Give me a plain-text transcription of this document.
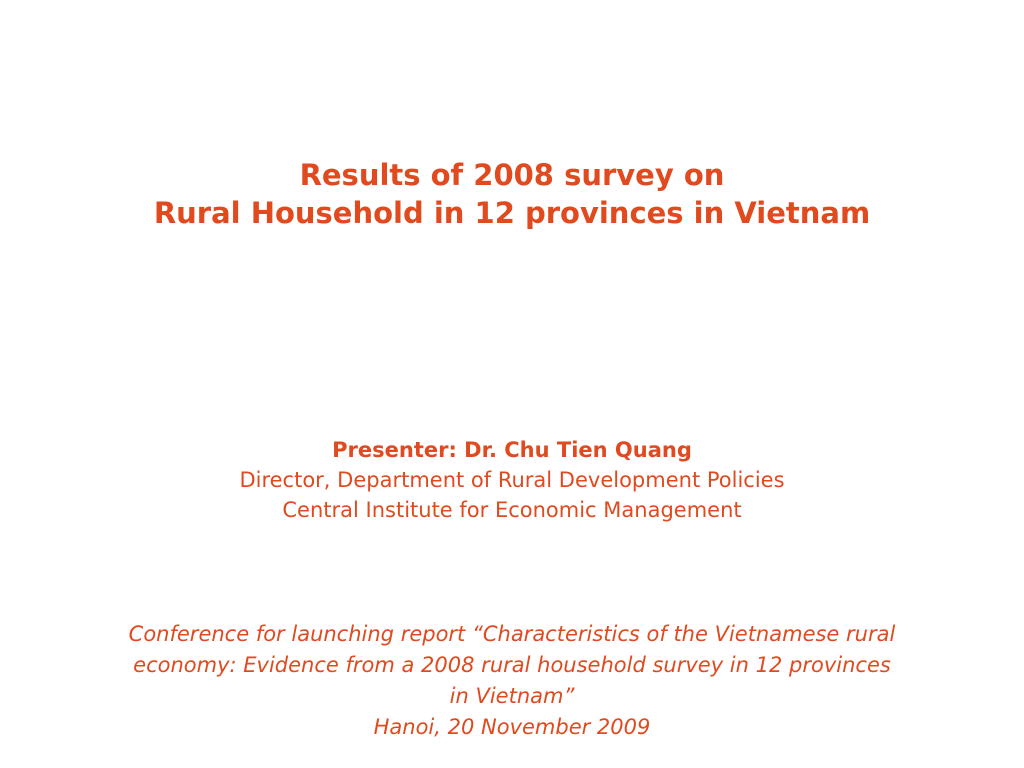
Results of 2008 survey on
Rural Household in 12 provinces in Vietnam
Presenter: Dr. Chu Tien Quang
Director, Department of Rural Development Policies
Central Institute for Economic Management
Conference for launching report “Characteristics of the Vietnamese rural
economy: Evidence from a 2008 rural household survey in 12 provinces
in Vietnam”
Hanoi, 20 November 2009
